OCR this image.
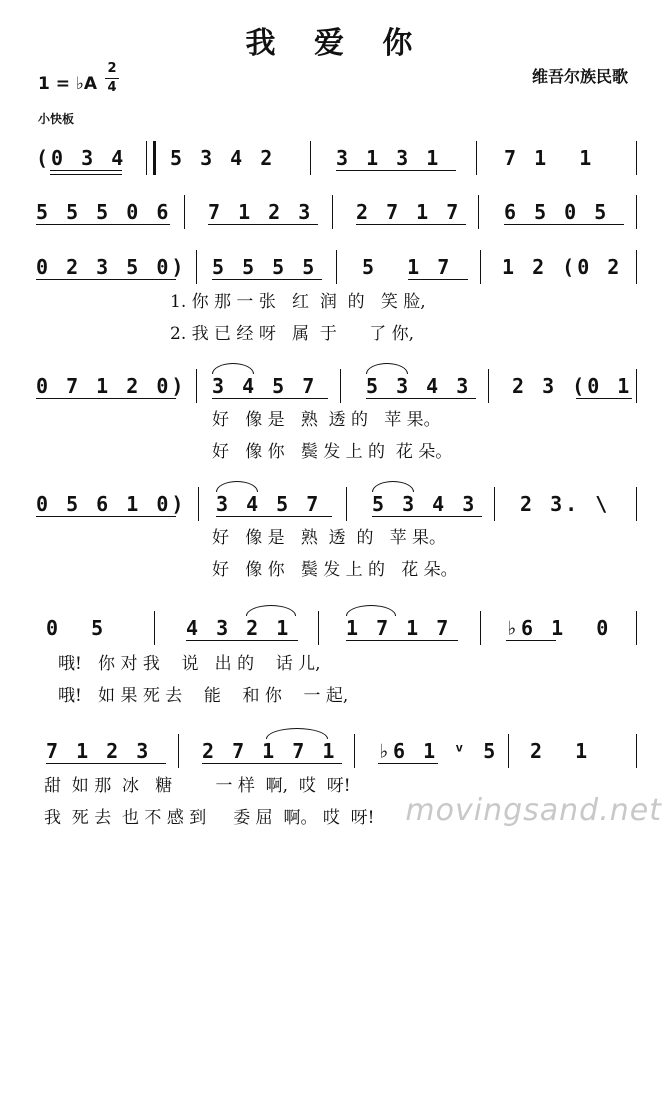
我 爱 你
维吾尔族民歌
1 = ♭A
2
4
小快板

(0 3 4

5 3 4 2

	3 1 3 1

	7 1  1

5 5 5 0 6

7 1 2 3

2 7 1 7

6 5 0 5

0 2 3 5 0)

5 5 5 5

5  1 7

1 2 (0 2

1. 你 那 一 张   红  润  的   笑 脸,
2. 我 已 经 呀   属  于      了 你,

0 7 1 2 0)

3 4 5 7

5 3 4 3

2 3 (0 1

好   像 是   熟  透 的   苹 果。
好   像 你   鬓 发 上 的  花 朵。

0 5 6 1 0)

3 4 5 7

	5 3 4 3

2 3. \

好   像 是   熟  透  的   苹 果。
好   像 你   鬓 发 上 的   花 朵。

0  5

	4 3 2 1

	1 7 1 7

	♭6 1  0

哦!   你 对 我    说   出 的    话 儿,
哦!   如 果 死 去    能    和 你    一 起,

7 1 2 3

	2 7 1 7 1

♭6 1 ᵛ 5

2  1

甜  如 那  冰   糖        一 样  啊,  哎  呀!
我  死 去  也 不 感 到     委 屈  啊。 哎  呀!	movingsand.net
